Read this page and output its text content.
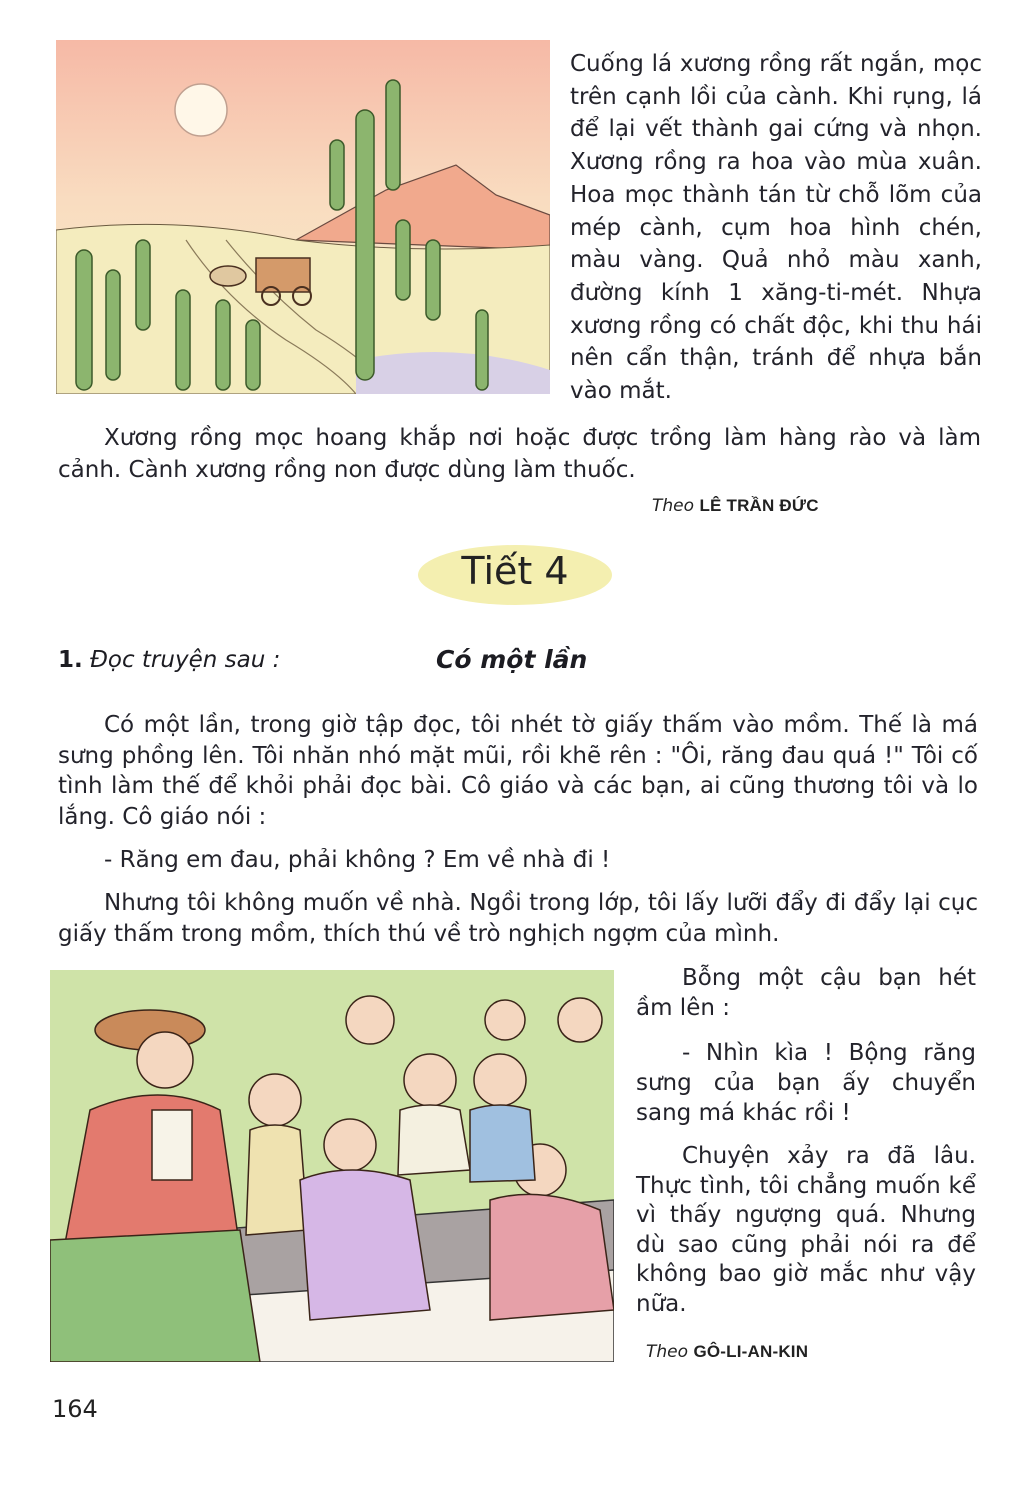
Cuống lá xương rồng rất ngắn, mọc trên cạnh lồi của cành. Khi rụng, lá để lại vết thành gai cứng và nhọn. Xương rồng ra hoa vào mùa xuân. Hoa mọc thành tán từ chỗ lõm của mép cành, cụm hoa hình chén, màu vàng. Quả nhỏ màu xanh, đường kính 1 xăng-ti-mét. Nhựa xương rồng có chất độc, khi thu hái nên cẩn thận, tránh để nhựa bắn vào mắt.

Xương rồng mọc hoang khắp nơi hoặc được trồng làm hàng rào và làm cảnh. Cành xương rồng non được dùng làm thuốc.

Theo LÊ TRẦN ĐỨC
Tiết 4
1. Đọc truyện sau :	Có một lần

Có một lần, trong giờ tập đọc, tôi nhét tờ giấy thấm vào mồm. Thế là má sưng phồng lên. Tôi nhăn nhó mặt mũi, rồi khẽ rên : "Ôi, răng đau quá !" Tôi cố tình làm thế để khỏi phải đọc bài. Cô giáo và các bạn, ai cũng thương tôi và lo lắng. Cô giáo nói :

- Răng em đau, phải không ? Em về nhà đi !

Nhưng tôi không muốn về nhà. Ngồi trong lớp, tôi lấy lưỡi đẩy đi đẩy lại cục giấy thấm trong mồm, thích thú về trò nghịch ngợm của mình.

Bỗng một cậu bạn hét ầm lên :

- Nhìn kìa ! Bộng răng sưng của bạn ấy chuyển sang má khác rồi !

Chuyện xảy ra đã lâu. Thực tình, tôi chẳng muốn kể vì thấy ngượng quá. Nhưng dù sao cũng phải nói ra để không bao giờ mắc như vậy nữa.

Theo GÔ-LI-AN-KIN
164
